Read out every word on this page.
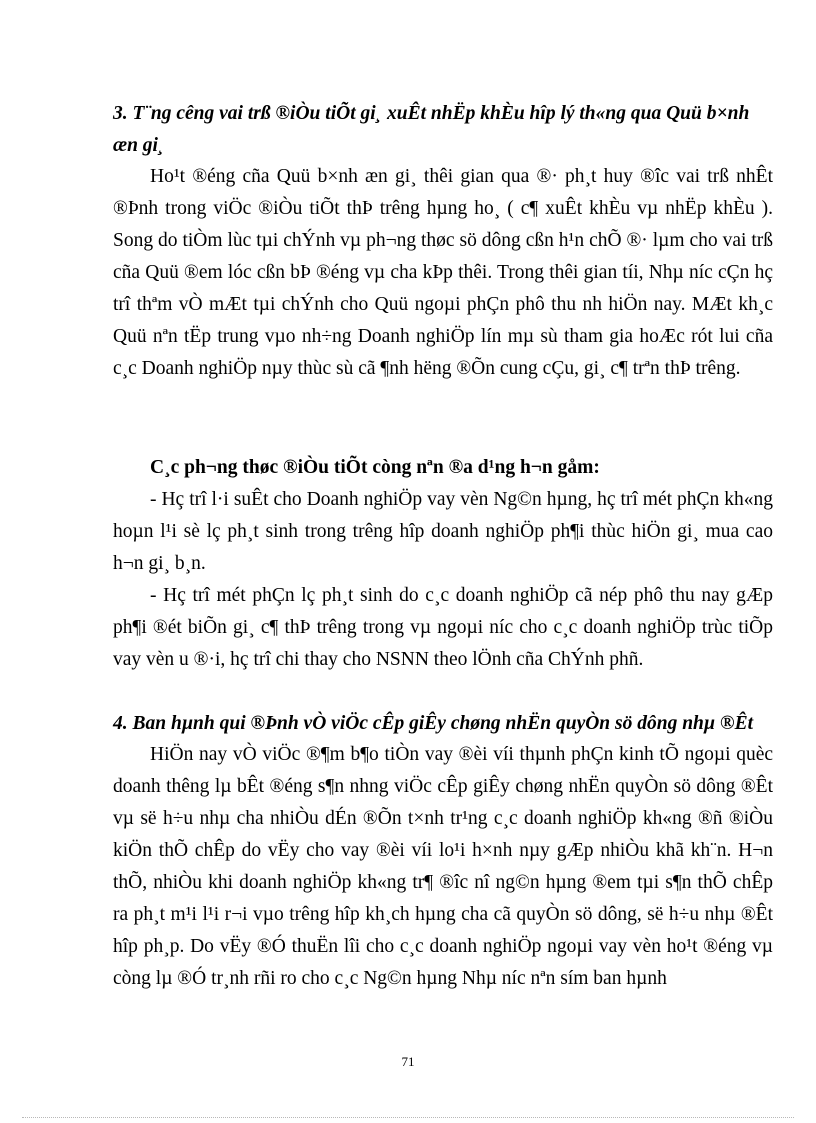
3. T¨ng cêng vai trß ®iÒu tiÕt gi¸ xuÊt nhËp khÈu hîp lý th«ng qua Quü b×nh æn gi¸
Ho¹t ®éng cña Quü b×nh æn gi¸ thêi gian qua ®· ph¸t huy ®îc vai trß nhÊt ®Þnh trong viÖc ®iÒu tiÕt thÞ trêng hµng ho¸ ( c¶ xuÊt khÈu vµ nhËp khÈu ). Song do tiÒm lùc tµi chÝnh vµ ph¬ng thøc sö dông cßn h¹n chÕ ®· lµm cho vai trß cña Quü ®em lóc cßn bÞ ®éng vµ cha kÞp thêi. Trong thêi gian tíi, Nhµ níc cÇn hç trî thªm vÒ mÆt tµi chÝnh cho Quü ngoµi phÇn phô thu nh hiÖn nay. MÆt kh¸c Quü nªn tËp trung vµo nh÷ng Doanh nghiÖp lín mµ sù tham gia hoÆc rót lui cña c¸c Doanh nghiÖp nµy thùc sù cã ¶nh hëng ®Õn cung cÇu, gi¸ c¶ trªn thÞ trêng.
C¸c ph¬ng thøc ®iÒu tiÕt còng nªn ®a d¹ng h¬n gåm:
- Hç trî l·i suÊt cho Doanh nghiÖp vay vèn Ng©n hµng, hç trî mét phÇn kh«ng hoµn l¹i sè lç ph¸t sinh trong trêng hîp doanh nghiÖp ph¶i thùc hiÖn gi¸ mua cao h¬n gi¸ b¸n.
- Hç trî mét phÇn lç ph¸t sinh do c¸c doanh nghiÖp cã nép phô thu nay gÆp ph¶i ®ét biÕn gi¸ c¶ thÞ trêng trong vµ ngoµi níc cho c¸c doanh nghiÖp trùc tiÕp vay vèn u ®·i, hç trî chi thay cho NSNN theo lÖnh cña ChÝnh phñ.
4. Ban hµnh qui ®Þnh vÒ viÖc cÊp giÊy chøng nhËn quyÒn sö dông nhµ ®Êt
HiÖn nay vÒ viÖc ®¶m b¶o tiÒn vay ®èi víi thµnh phÇn kinh tÕ ngoµi quèc doanh thêng lµ bÊt ®éng s¶n nhng viÖc cÊp giÊy chøng nhËn quyÒn sö dông ®Êt vµ së h÷u nhµ cha nhiÒu dÉn ®Õn t×nh tr¹ng c¸c doanh nghiÖp kh«ng ®ñ ®iÒu kiÖn thÕ chÊp do vËy cho vay ®èi víi lo¹i h×nh nµy gÆp nhiÒu khã kh¨n. H¬n thÕ, nhiÒu khi doanh nghiÖp kh«ng tr¶ ®îc nî ng©n hµng ®em tµi s¶n thÕ chÊp ra ph¸t m¹i l¹i r¬i vµo trêng hîp kh¸ch hµng cha cã quyÒn sö dông, së h÷u nhµ ®Êt hîp ph¸p. Do vËy ®Ó thuËn lîi cho c¸c doanh nghiÖp ngoµi vay vèn ho¹t ®éng vµ còng lµ ®Ó tr¸nh rñi ro cho c¸c Ng©n hµng Nhµ níc nªn sím ban hµnh
71
